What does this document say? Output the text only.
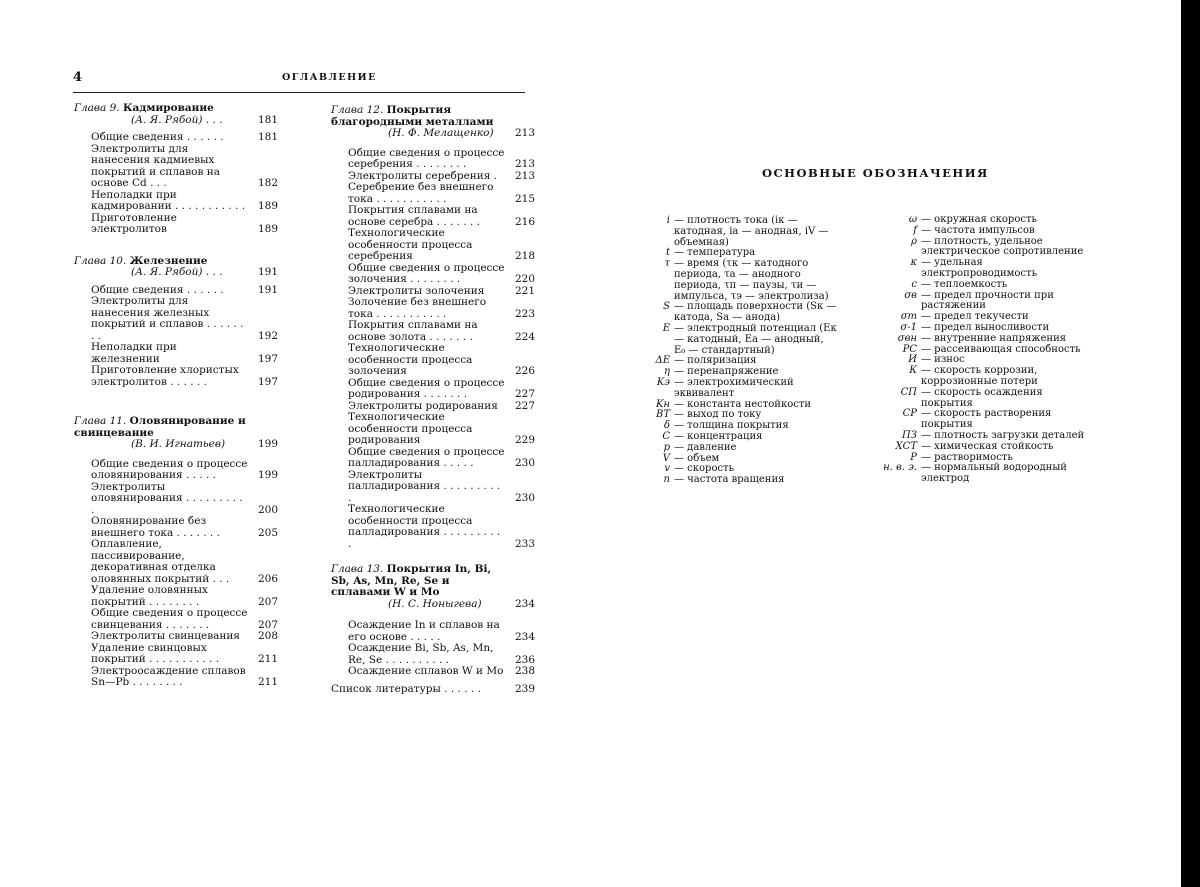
4	ОГЛАВЛЕНИЕ
Глава 9. Кадмирование
(А. Я. Рябой) . . .	181
Общие сведения . . . . . .	181
Электролиты для нанесения кадмиевых покрытий и сплавов на основе Cd . . .	182
Неполадки при кадмировании . . . . . . . . . . . 189
Приготовление электролитов	189
Глава 10. Железнение
(А. Я. Рябой) . . .	191
Общие сведения . . . . . .	191
Электролиты для нанесения железных покрытий и сплавов . . . . . . . .	192
Неполадки при железнении	197
Приготовление хлористых электролитов . . . . . .	197
Глава 11. Оловянирование и свинцевание
(В. И. Игнатьев)	199
Общие сведения о процессе оловянирования . . . . .	199
Электролиты оловянирования . . . . . . . . . .	200
Оловянирование без внешнего тока . . . . . . .	205
Оплавление, пассивирование, декоративная отделка оловянных покрытий . . .	206
Удаление оловянных покрытий . . . . . . . .	207
Общие сведения о процессе свинцевания . . . . . . .	207
Электролиты свинцевания 208
Удаление свинцовых покрытий . . . . . . . . . . .	211
Электроосаждение сплавов Sn—Pb . . . . . . . .	211
Глава 12. Покрытия благородными металлами
(Н. Ф. Мелащенко)	213
Общие сведения о процессе серебрения . . . . . . . .	213
Электролиты серебрения . 213
Серебрение без внешнего тока . . . . . . . . . . .	215
Покрытия сплавами на основе серебра . . . . . . .	216
Технологические особенности процесса серебрения	218
Общие сведения о процессе золочения . . . . . . . .	220
Электролиты золочения	221
Золочение без внешнего тока . . . . . . . . . . .	223
Покрытия сплавами на основе золота . . . . . . .	224
Технологические особенности процесса золочения	226
Общие сведения о процессе родирования . . . . . . .	227
Электролиты родирования 227
Технологические особенности процесса родирования	229
Общие сведения о процессе палладирования . . . . .	230
Электролиты палладирования . . . . . . . . . .	230
Технологические особенности процесса палладирования . . . . . . . . . .	233
Глава 13. Покрытия In, Bi, Sb, As, Mn, Re, Se и сплавами W и Mo
(Н. С. Ноныгева)	234
Осаждение In и сплавов на его основе . . . . .	234
Осаждение Bi, Sb, As, Mn, Re, Se . . . . . . . . . .	236
Осаждение сплавов W и Mo 238
Список литературы . . . . . .	239
ОСНОВНЫЕ ОБОЗНАЧЕНИЯ
i — плотность тока (iк — катодная, iа — анодная, iV — объемная)
t — температура
τ — время (τк — катодного периода, τа — анодного периода, τп — паузы, τи — импульса, τэ — электролиза)
S — площадь поверхности (Sк — катода, Sа — анода)
E — электродный потенциал (Eк — катодный, Eа — анодный, E₀ — стандартный)
ΔE — поляризация
η — перенапряжение
Kэ — электрохимический эквивалент
Kн — константа нестойкости
ВТ — выход по току
δ — толщина покрытия
C — концентрация
p — давление
V — объем
v — скорость
n — частота вращения
ω — окружная скорость
f — частота импульсов
ρ — плотность, удельное электрическое сопротивление
κ — удельная электропроводимость
c — теплоемкость
σв — предел прочности при растяжении
σт — предел текучести
σ-1 — предел выносливости
σвн — внутренние напряжения
РС — рассеивающая способность
И — износ
К — скорость коррозии, коррозионные потери
СП — скорость осаждения покрытия
СР — скорость растворения покрытия
ПЗ — плотность загрузки деталей
ХСТ — химическая стойкость
Р — растворимость
н. в. э. — нормальный водородный электрод
